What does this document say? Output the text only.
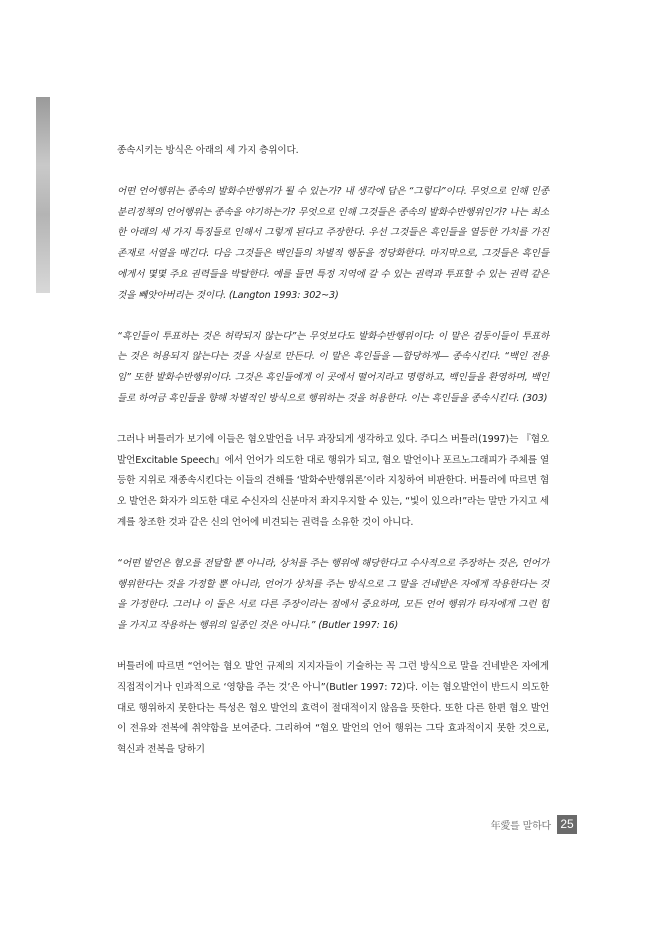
종속시키는 방식은 아래의 세 가지 층위이다.

어떤 언어행위는 종속의 발화수반행위가 될 수 있는가? 내 생각에 답은 “그렇다”이다. 무엇으로 인해 인종분리정책의 언어행위는 종속을 야기하는가? 무엇으로 인해 그것들은 종속의 발화수반행위인가? 나는 최소한 아래의 세 가지 특징들로 인해서 그렇게 된다고 주장한다. 우선 그것들은 흑인들을 열등한 가치를 가진 존재로 서열을 매긴다. 다음 그것들은 백인들의 차별적 행동을 정당화한다. 마지막으로, 그것들은 흑인들에게서 몇몇 주요 권력들을 박탈한다. 예를 들면 특정 지역에 갈 수 있는 권력과 투표할 수 있는 권력 같은 것을 빼앗아버리는 것이다. (Langton 1993: 302~3)

“흑인들이 투표하는 것은 허락되지 않는다”는 무엇보다도 발화수반행위이다: 이 말은 검둥이들이 투표하는 것은 허용되지 않는다는 것을 사실로 만든다. 이 말은 흑인들을 ―합당하게― 종속시킨다. “백인 전용임” 또한 발화수반행위이다. 그것은 흑인들에게 이 곳에서 떨어지라고 명령하고, 백인들을 환영하며, 백인들로 하여금 흑인들을 향해 차별적인 방식으로 행위하는 것을 허용한다. 이는 흑인들을 종속시킨다. (303)

그러나 버틀러가 보기에 이들은 혐오발언을 너무 과장되게 생각하고 있다. 주디스 버틀러(1997)는 『혐오발언Excitable Speech』에서 언어가 의도한 대로 행위가 되고, 혐오 발언이나 포르노그래피가 주체를 열등한 지위로 재종속시킨다는 이들의 견해를 ‘발화수반행위론’이라 지칭하여 비판한다. 버틀러에 따르면 혐오 발언은 화자가 의도한 대로 수신자의 신분마저 좌지우지할 수 있는, “빛이 있으라!”라는 말만 가지고 세계를 창조한 것과 같은 신의 언어에 비견되는 권력을 소유한 것이 아니다.

“어떤 발언은 혐오를 전달할 뿐 아니라, 상처를 주는 행위에 해당한다고 수사적으로 주장하는 것은, 언어가 행위한다는 것을 가정할 뿐 아니라, 언어가 상처를 주는 방식으로 그 말을 건네받은 자에게 작용한다는 것을 가정한다. 그러나 이 둘은 서로 다른 주장이라는 점에서 중요하며, 모든 언어 행위가 타자에게 그런 힘을 가지고 작용하는 행위의 일종인 것은 아니다.” (Butler 1997: 16)

버틀러에 따르면 “언어는 혐오 발언 규제의 지지자들이 기술하는 꼭 그런 방식으로 말을 건네받은 자에게 직접적이거나 인과적으로 ‘영향을 주는 것’은 아니”(Butler 1997: 72)다. 이는 혐오발언이 반드시 의도한 대로 행위하지 못한다는 특성은 혐오 발언의 효력이 절대적이지 않음을 뜻한다. 또한 다른 한편 혐오 발언이 전유와 전복에 취약함을 보여준다. 그리하여 “혐오 발언의 언어 행위는 그닥 효과적이지 못한 것으로, 혁신과 전복을 당하기

年愛를 말하다 25
